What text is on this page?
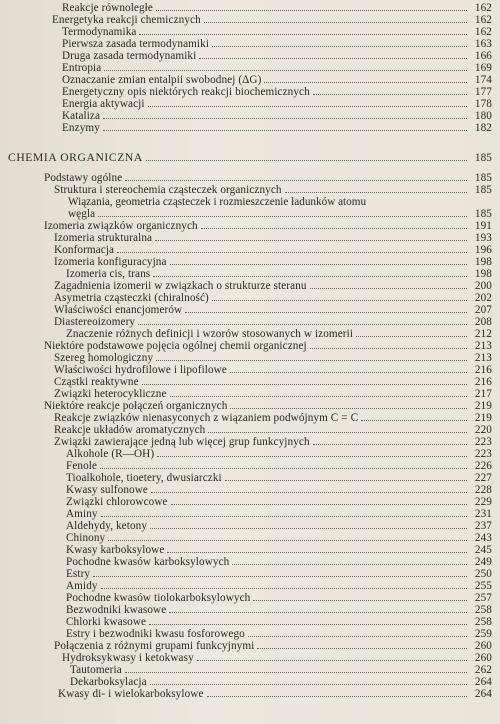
Reakcje równoległe	162
Energetyka reakcji chemicznych	162
Termodynamika	162
Pierwsza zasada termodynamiki	163
Druga zasada termodynamiki	166
Entropia	169
Oznaczanie zmian entalpii swobodnej (ΔG)	174
Energetyczny opis niektórych reakcji biochemicznych	177
Energia aktywacji	178
Kataliza	180
Enzymy	182
CHEMIA ORGANICZNA	185
Podstawy ogólne	185
Struktura i stereochemia cząsteczek organicznych	185
Wiązania, geometria cząsteczek i rozmieszczenie ładunków atomu
węgla	185
Izomeria związków organicznych	191
Izomeria strukturalna	193
Konformacja	196
Izomeria konfiguracyjna	198
Izomeria cis, trans	198
Zagadnienia izomerii w związkach o strukturze steranu	200
Asymetria cząsteczki (chiralność)	202
Właściwości enancjomerów	207
Diastereoizomery	208
Znaczenie różnych definicji i wzorów stosowanych w izomerii	212
Niektóre podstawowe pojęcia ogólnej chemii organicznej	213
Szereg homologiczny	213
Właściwości hydrofilowe i lipofilowe	216
Cząstki reaktywne	216
Związki heterocykliczne	217
Niektóre reakcje połączeń organicznych	219
Reakcje związków nienasyconych z wiązaniem podwójnym C = C	219
Reakcje układów aromatycznych	220
Związki zawierające jedną lub więcej grup funkcyjnych	223
Alkohole (R—OH)	223
Fenole	226
Tioalkohole, tioetery, dwusiarczki	227
Kwasy sulfonowe	228
Związki chlorowcowe	229
Aminy	231
Aldehydy, ketony	237
Chinony	243
Kwasy karboksylowe	245
Pochodne kwasów karboksylowych	249
Estry	250
Amidy	255
Pochodne kwasów tiolokarboksylowych	257
Bezwodniki kwasowe	258
Chlorki kwasowe	258
Estry i bezwodniki kwasu fosforowego	259
Połączenia z różnymi grupami funkcyjnymi	260
Hydroksykwasy i ketokwasy	260
Tautomeria	262
Dekarboksylacja	264
Kwasy di- i wielokarboksylowe	264
